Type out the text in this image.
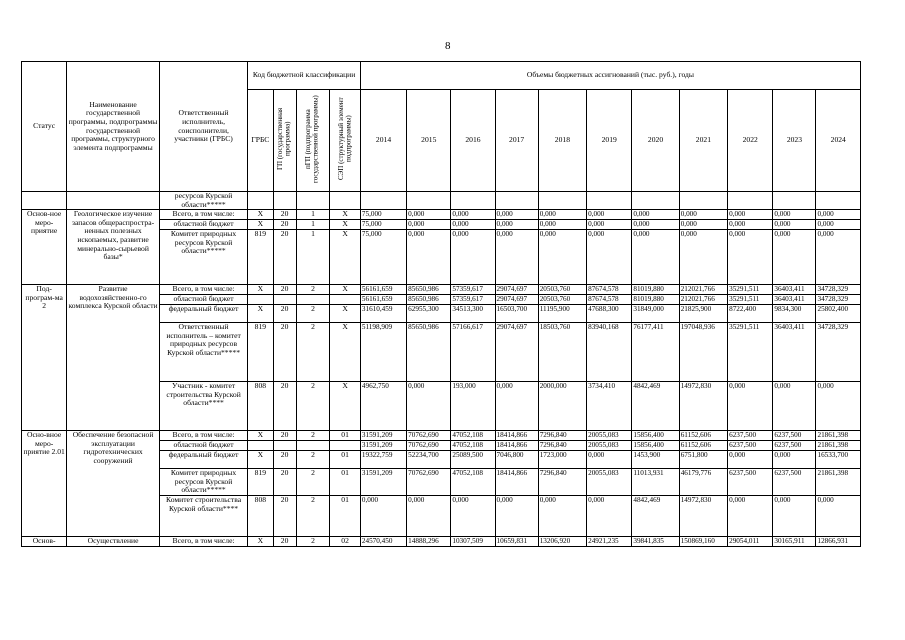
8
Статус	Наименование государственной программы, подпрограммы государственной программы, структурного элемента подпрограммы	Ответственный исполнитель, соисполнители, участники (ГРБС)	Код бюджетной классификации				Объемы бюджетных ассигнований (тыс. руб.), годы										
			ГРБС	ГП (государственная программа)	пГП (подпрограмма государственной программы)	СЭП (структурный элемент подпрограммы)	2014	2015	2016	2017	2018	2019	2020	2021	2022	2023	2024
		ресурсов Курской области*****															
Основ-ное меро-приятие	Геологическое изучение запасов общераспростра-ненных полезных ископаемых, развитие минерально-сырьевой базы*	Всего, в том числе:	Х	20	1	Х	75,000	0,000	0,000	0,000	0,000	0,000	0,000	0,000	0,000	0,000	0,000
		областной бюджет	Х	20	1	Х	75,000	0,000	0,000	0,000	0,000	0,000	0,000	0,000	0,000	0,000	0,000
		Комитет природных ресурсов Курской области*****	819	20	1	Х	75,000	0,000	0,000	0,000	0,000	0,000	0,000	0,000	0,000	0,000	0,000
Под-програм-ма 2	Развитие водохозяйственно-го комплекса Курской области	Всего, в том числе:	Х	20	2	Х	56161,659	85650,986	57359,617	29074,697	20503,760	87674,578	81019,880	212021,766	35291,511	36403,411	34728,329
		областной бюджет					56161,659	85650,986	57359,617	29074,697	20503,760	87674,578	81019,880	212021,766	35291,511	36403,411	34728,329
		федеральный бюджет	Х	20	2	Х	31610,459	62955,300	34513,300	16503,700	11195,900	47688,300	31849,000	21825,900	8722,400	9834,300	25802,400
		Ответственный исполнитель – комитет природных ресурсов Курской области*****	819	20	2	Х	51198,909	85650,986	57166,617	29074,697	18503,760	83940,168	76177,411	197048,936	35291,511	36403,411	34728,329
		Участник - комитет строительства Курской области****	808	20	2	Х	4962,750	0,000	193,000	0,000	2000,000	3734,410	4842,469	14972,830	0,000	0,000	0,000
Осно-вное меро-приятие 2.01	Обеспечение безопасной эксплуатации гидротехнических сооружений	Всего, в том числе:	Х	20	2	01	31591,209	70762,690	47052,108	18414,866	7296,840	20055,083	15856,400	61152,606	6237,500	6237,500	21861,398
		областной бюджет					31591,209	70762,690	47052,108	18414,866	7296,840	20055,083	15856,400	61152,606	6237,500	6237,500	21861,398
		федеральный бюджет	Х	20	2	01	19322,759	52234,700	25089,500	7046,800	1723,000	0,000	1453,900	6751,800	0,000	0,000	16533,700
		Комитет природных ресурсов Курской области*****	819	20	2	01	31591,209	70762,690	47052,108	18414,866	7296,840	20055,083	11013,931	46179,776	6237,500	6237,500	21861,398
		Комитет строительства Курской области****	808	20	2	01	0,000	0,000	0,000	0,000	0,000	0,000	4842,469	14972,830	0,000	0,000	0,000
Основ-	Осуществление	Всего, в том числе:	Х	20	2	02	24570,450	14888,296	10307,509	10659,831	13206,920	24921,235	39841,835	150869,160	29054,011	30165,911	12866,931
